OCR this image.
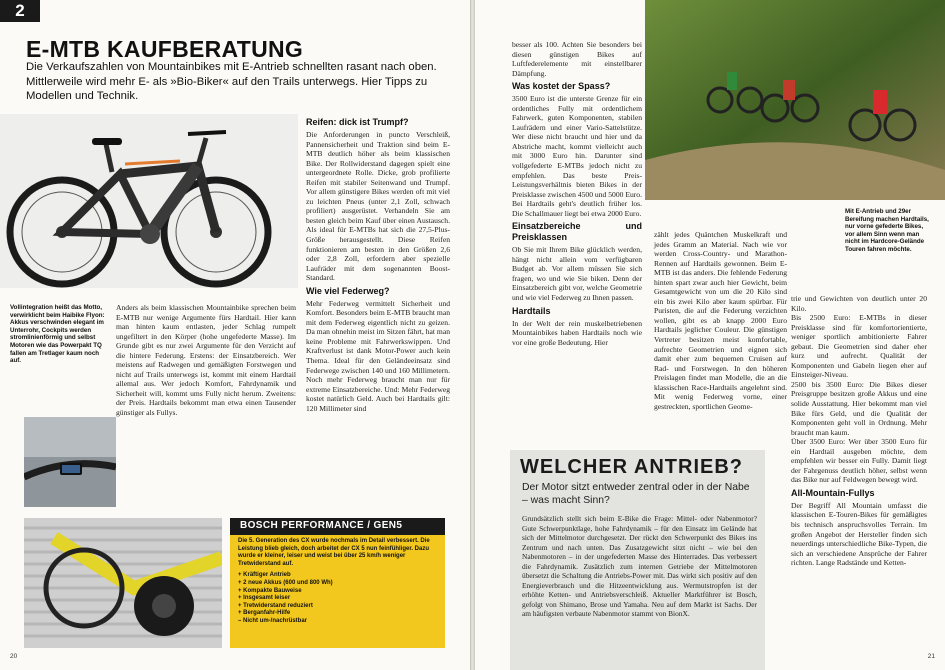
2
E-MTB KAUFBERATUNG
Die Verkaufszahlen von Mountainbikes mit E-Antrieb schnellten rasant nach oben. Mittlerweile wird mehr E- als »Bio-Biker« auf den Trails unterwegs. Hier Tipps zu Modellen und Technik.
Vollintegration heißt das Motto, verwirklicht beim Haibike Flyon: Akkus verschwinden elegant im Unterrohr, Cockpits werden stromlinienförmig und selbst Motoren wie das Powerpakt TQ fallen am Tretlager kaum noch auf.

Anders als beim klassischen Mountainbike sprechen beim E-MTB nur wenige Argumente fürs Hardtail. Hier kann man hinten kaum entlasten, jeder Schlag rumpelt ungefiltert in den Körper (hohe ungefederte Masse). Im Grunde gibt es nur zwei Argumente für den Verzicht auf die hintere Federung. Erstens: der Einsatzbereich. Wer meistens auf Radwegen und gemäßigten Forstwegen und nicht auf Trails unterwegs ist, kommt mit einem Hardtail allemal aus. Wer jedoch Komfort, Fahrdynamik und Sicherheit will, kommt ums Fully nicht herum. Zweitens: der Preis. Hardtails bekommt man etwa einen Tausender günstiger als Fullys.

Reifen: dick ist Trumpf?

Die Anforderungen in puncto Verschleiß, Pannensicherheit und Traktion sind beim E-MTB deutlich höher als beim klassischen Bike. Der Rollwiderstand dagegen spielt eine untergeordnete Rolle. Dicke, grob profilierte Reifen mit stabiler Seitenwand und Trumpf. Vor allem günstigere Bikes werden oft mit viel zu leichten Pneus (unter 2,1 Zoll, schwach profiliert) ausgerüstet. Verhandeln Sie am besten gleich beim Kauf über einen Austausch. Als ideal für E-MTBs hat sich die 27,5-Plus-Größe herausgestellt. Diese Reifen funktionieren am besten in den Größen 2,6 oder 2,8 Zoll, erfordern aber spezielle Laufräder mit dem sogenannten Boost-Standard.

Wie viel Federweg?

Mehr Federweg vermittelt Sicherheit und Komfort. Besonders beim E-MTB braucht man mit dem Federweg eigentlich nicht zu geizen. Da man ohnehin meist im Sitzen fährt, hat man keine Probleme mit Fahrwerkswippen. Und Kraftverlust ist dank Motor-Power auch kein Thema. Ideal für den Geländeeinsatz sind Federwege zwischen 140 und 160 Millimetern. Noch mehr Federweg braucht man nur für extreme Einsatzbereiche. Und: Mehr Federweg kostet natürlich Geld. Auch bei Hardtails gilt: 120 Millimeter sind

BOSCH PERFORMANCE / GEN5
Die 5. Generation des CX wurde nochmals im Detail verbessert. Die Leistung blieb gleich, doch arbeitet der CX 5 nun feinfühliger. Dazu wurde er kleiner, leiser und weist bei über 25 km/h weniger Tretwiderstand auf.
+ Kräftiger Antrieb
+ 2 neue Akkus (600 und 800 Wh)
+ Kompakte Bauweise
+ Insgesamt leiser
+ Tretwiderstand reduziert
+ Berganfahr-Hilfe
– Nicht um-/nachrüstbar
20

besser als 100. Achten Sie besonders bei diesen günstigen Bikes auf Luftfederelemente mit einstellbarer Dämpfung.

Was kostet der Spass?

3500 Euro ist die unterste Grenze für ein ordentliches Fully mit ordentlichem Fahrwerk, guten Komponenten, stabilen Laufrädern und einer Vario-Sattelstütze. Wer diese nicht braucht und hier und da Abstriche macht, kommt vielleicht auch mit 3000 Euro hin. Darunter sind vollgefederte E-MTBs jedoch nicht zu empfehlen. Das beste Preis-Leistungsverhältnis bieten Bikes in der Preisklasse zwischen 4500 und 5000 Euro. Bei Hardtails geht's deutlich früher los. Die Schallmauer liegt bei etwa 2000 Euro.

Einsatzbereiche und Preisklassen

Ob Sie mit Ihrem Bike glücklich werden, hängt nicht allein vom verfügbaren Budget ab. Vor allem müssen Sie sich fragen, wo und wie Sie biken. Denn der Einsatzbereich gibt vor, welche Geometrie und wie viel Federweg zu Ihnen passen.

Hardtails

In der Welt der rein muskelbetriebenen Mountainbikes haben Hardtails noch wie vor eine große Bedeutung. Hier

Mit E-Antrieb und 29er Bereifung machen Hardtails, nur vorne gefederte Bikes, vor allem Sinn wenn man nicht im Hardcore-Gelände Touren fahren möchte.

zählt jedes Quäntchen Muskelkraft und jedes Gramm an Material. Nach wie vor werden Cross-Country- und Marathon-Rennen auf Hardtails gewonnen. Beim E-MTB ist das anders. Die fehlende Federung hinten spart zwar auch hier Gewicht, beim Gesamtgewicht von um die 20 Kilo sind ein bis zwei Kilo aber kaum spürbar. Für Puristen, die auf die Federung verzichten wollen, gibt es ab knapp 2000 Euro Hardtails jeglicher Couleur. Die günstigen Vertreter besitzen meist komfortable, aufrechte Geometrien und eignen sich damit eher zum bequemen Cruisen auf Rad- und Forstwegen. In den höheren Preislagen findet man Modelle, die an die klassischen Race-Hardtails angelehnt sind. Mit wenig Federweg vorne, einer gestreckten, sportlichen Geome-

trie und Gewichten von deutlich unter 20 Kilo.

Bis 2500 Euro: E-MTBs in dieser Preisklasse sind für komfortorientierte, weniger sportlich ambitionierte Fahrer gebaut. Die Geometrien sind daher eher kurz und aufrecht. Qualität der Komponenten und Gabeln liegen eher auf Einsteiger-Niveau.

2500 bis 3500 Euro: Die Bikes dieser Preisgruppe besitzen große Akkus und eine solide Ausstattung. Hier bekommt man viel Bike fürs Geld, und die Qualität der Komponenten geht voll in Ordnung. Mehr braucht man kaum.

Über 3500 Euro: Wer über 3500 Euro für ein Hardtail ausgeben möchte, dem empfehlen wir besser ein Fully. Damit liegt der Fahrgenuss deutlich höher, selbst wenn das Bike nur auf Feldwegen bewegt wird.

All-Mountain-Fullys

Der Begriff All Mountain umfasst die klassischen E-Touren-Bikes für gemäßigtes bis technisch anspruchsvolles Terrain. Im großen Angebot der Hersteller finden sich neuerdings unterschiedliche Bike-Typen, die sich an verschiedene Ansprüche der Fahrer richten. Lange Radstände und Ketten-

WELCHER ANTRIEB?
Der Motor sitzt entweder zentral oder in der Nabe – was macht Sinn?
Grundsätzlich stellt sich beim E-Bike die Frage: Mittel- oder Nabenmotor? Gute Schwerpunktlage, hohe Fahrdynamik – für den Einsatz im Gelände hat sich der Mittelmotor durchgesetzt. Der rückt den Schwerpunkt des Bikes ins Zentrum und nach unten. Das Zusatzgewicht sitzt nicht – wie bei den Nabenmotoren – in der ungefederten Masse des Hinterrades. Das verbessert die Fahrdynamik. Zusätzlich zum internen Getriebe der Mittelmotoren übersetzt die Schaltung die Antriebs-Power mit. Das wirkt sich positiv auf den Energieverbrauch und die Hitzeentwicklung aus. Wermutstropfen ist der erhöhte Ketten- und Antriebsverschleiß. Aktueller Marktführer ist Bosch, gefolgt von Shimano, Brose und Yamaha. Neu auf dem Markt ist Sachs. Der am häufigsten verbaute Nabenmotor stammt von BionX.
21
